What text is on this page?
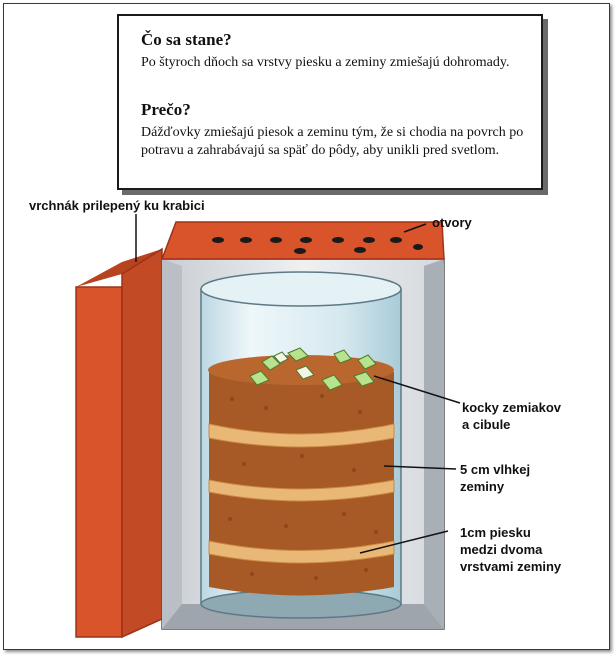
Čo sa stane?
Po štyroch dňoch sa vrstvy piesku a zeminy zmiešajú dohromady.
Prečo?
Dážďovky zmiešajú piesok a zeminu tým, že si chodia na povrch po potravu a zahrabávajú sa späť do pôdy, aby unikli pred svetlom.
vrchnák prilepený ku krabici
otvory
kocky zemiakov
a cibule
5 cm vlhkej
zeminy
1cm piesku
medzi dvoma
vrstvami zeminy
